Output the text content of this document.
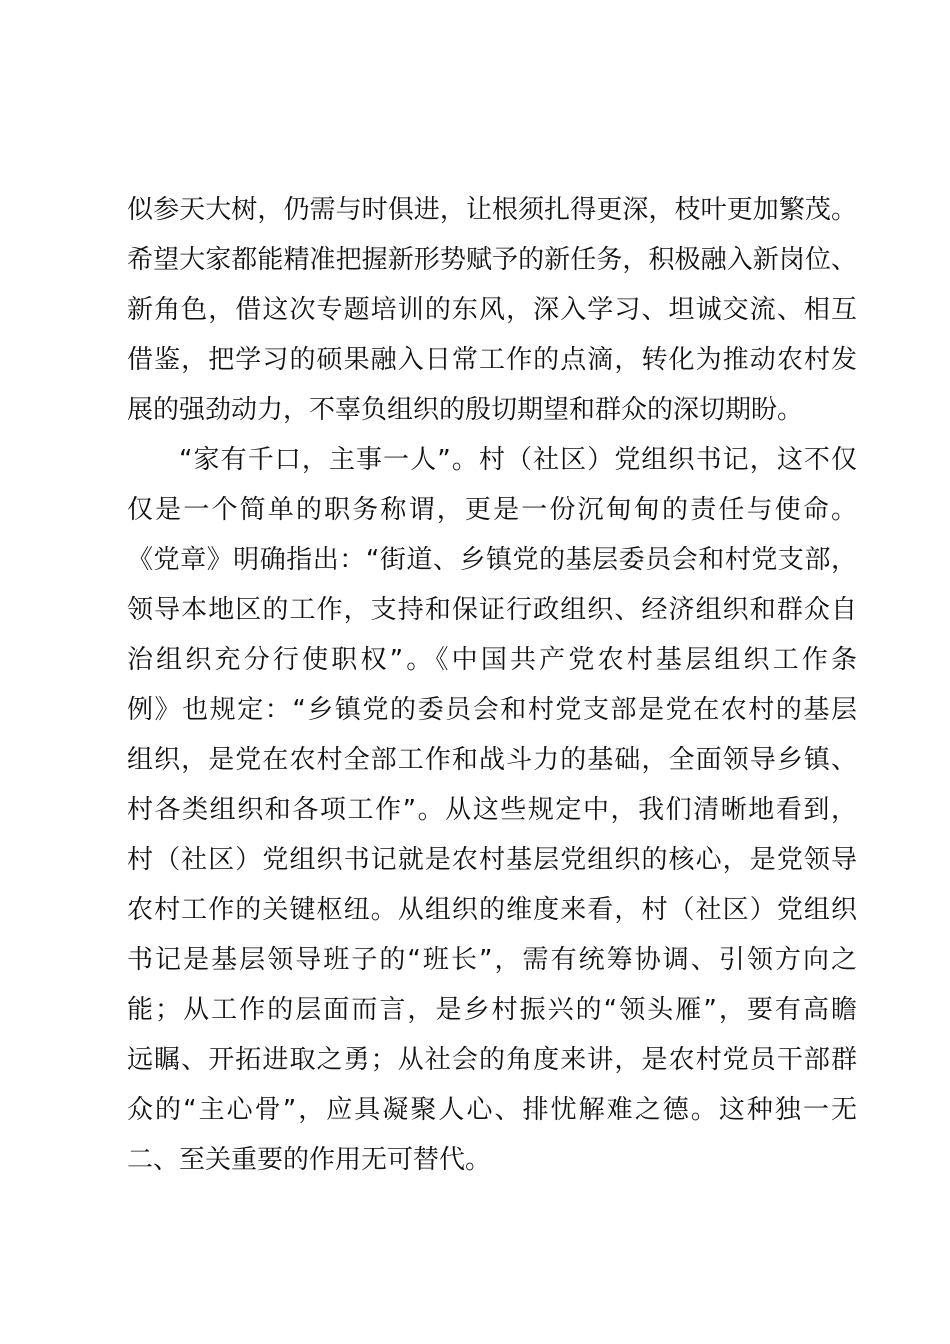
似参天大树，仍需与时俱进，让根须扎得更深，枝叶更加繁茂。
希望大家都能精准把握新形势赋予的新任务，积极融入新岗位、
新角色，借这次专题培训的东风，深入学习、坦诚交流、相互
借鉴，把学习的硕果融入日常工作的点滴，转化为推动农村发
展的强劲动力，不辜负组织的殷切期望和群众的深切期盼。
“家有千口，主事一人”。村（社区）党组织书记，这不仅
仅是一个简单的职务称谓，更是一份沉甸甸的责任与使命。
《党章》明确指出：“街道、乡镇党的基层委员会和村党支部，
领导本地区的工作，支持和保证行政组织、经济组织和群众自
治组织充分行使职权”。《中国共产党农村基层组织工作条
例》也规定：“乡镇党的委员会和村党支部是党在农村的基层
组织，是党在农村全部工作和战斗力的基础，全面领导乡镇、
村各类组织和各项工作”。从这些规定中，我们清晰地看到，
村（社区）党组织书记就是农村基层党组织的核心，是党领导
农村工作的关键枢纽。从组织的维度来看，村（社区）党组织
书记是基层领导班子的“班长”，需有统筹协调、引领方向之
能；从工作的层面而言，是乡村振兴的“领头雁”，要有高瞻
远瞩、开拓进取之勇；从社会的角度来讲，是农村党员干部群
众的“主心骨”，应具凝聚人心、排忧解难之德。这种独一无
二、至关重要的作用无可替代。
